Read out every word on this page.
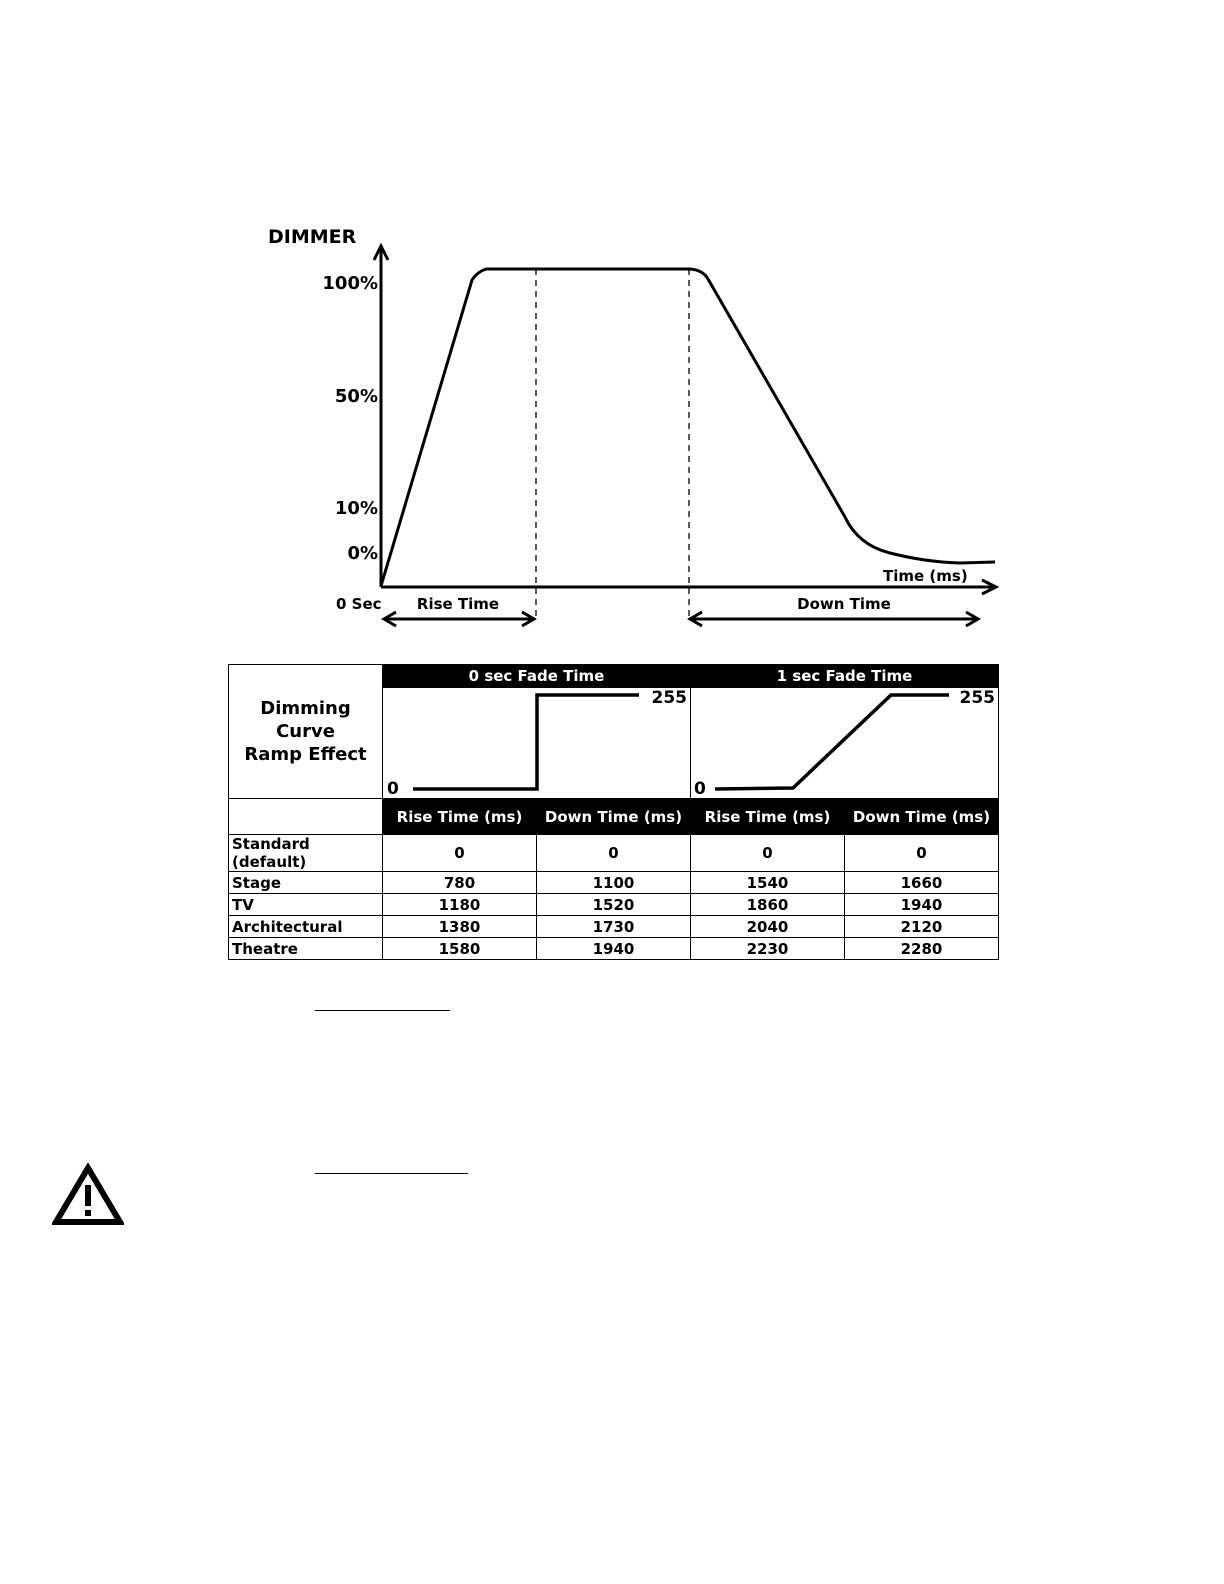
DIMMER
100%
50%
10%
0%
0 Sec
Time (ms)
Rise Time	Down Time
Dimming Curve
Ramp Effect	0 sec Fade Time		1 sec Fade Time	

0
255		0
255	

	Rise Time (ms)	Down Time (ms)	Rise Time (ms)	Down Time (ms)
Standard (default)	0	0	0	0
Stage	780	1100	1540	1660
TV	1180	1520	1860	1940
Architectural	1380	1730	2040	2120
Theatre	1580	1940	2230	2280
